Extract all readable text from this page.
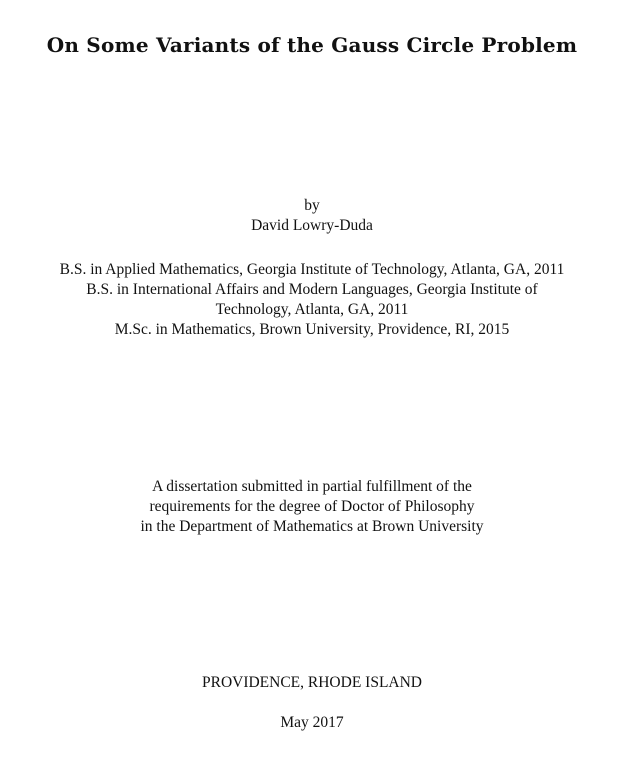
On Some Variants of the Gauss Circle Problem
by
David Lowry-Duda
B.S. in Applied Mathematics, Georgia Institute of Technology, Atlanta, GA, 2011
B.S. in International Affairs and Modern Languages, Georgia Institute of
Technology, Atlanta, GA, 2011
M.Sc. in Mathematics, Brown University, Providence, RI, 2015
A dissertation submitted in partial fulfillment of the
requirements for the degree of Doctor of Philosophy
in the Department of Mathematics at Brown University
PROVIDENCE, RHODE ISLAND
May 2017
